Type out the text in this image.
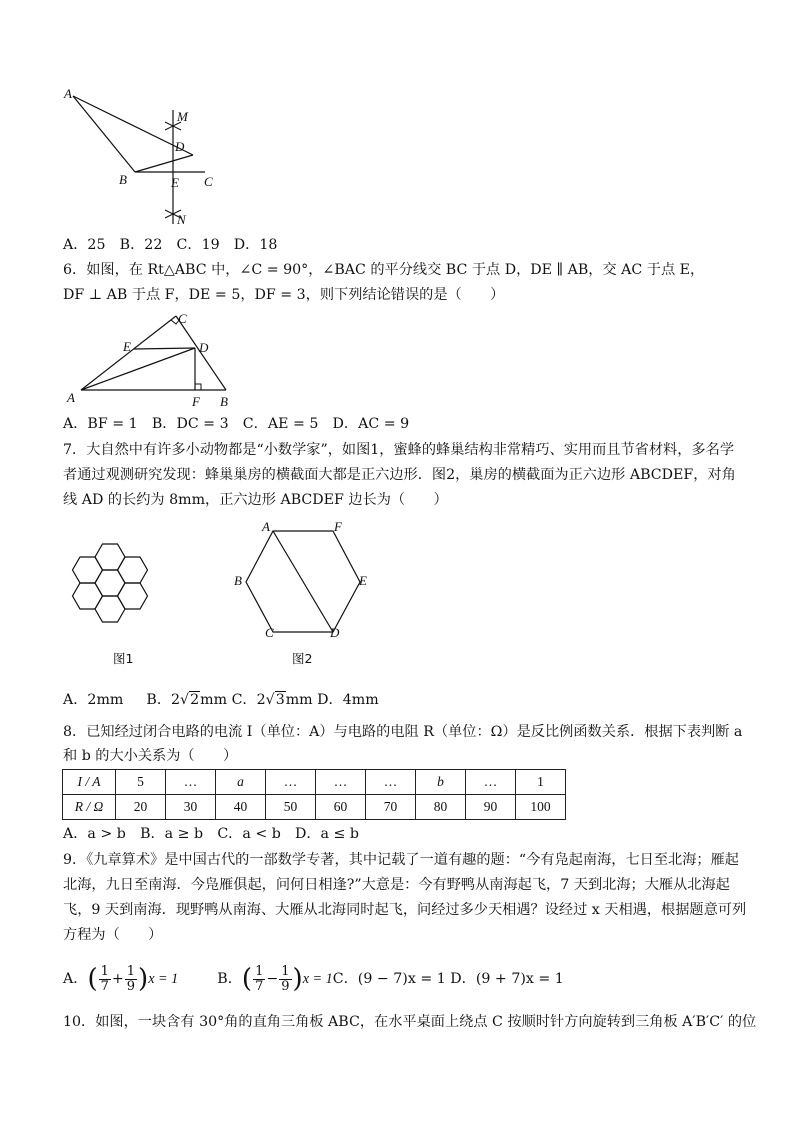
A
M
D
B	E C
N
A．25　B．22　C．19　D．18
6．如图，在 Rt△ABC 中，∠C = 90°，∠BAC 的平分线交 BC 于点 D，DE ∥ AB，交 AC 于点 E，
DF ⊥ AB 于点 F，DE = 5，DF = 3，则下列结论错误的是（　　）
C
E	D
A	F B
A．BF = 1　B．DC = 3　C．AE = 5　D．AC = 9
7．大自然中有许多小动物都是“小数学家”，如图1，蜜蜂的蜂巢结构非常精巧、实用而且节省材料，多名学
者通过观测研究发现：蜂巢巢房的横截面大都是正六边形．图2，巢房的横截面为正六边形 ABCDEF，对角
线 AD 的长约为 8mm，正六边形 ABCDEF 边长为（　　）
图1
A	F
B	E
C	D
图2
A．2mm B．2√2mm C．2√3mm D．4mm
8．已知经过闭合电路的电流 I（单位：A）与电路的电阻 R（单位：Ω）是反比例函数关系．根据下表判断 a
和 b 的大小关系为（　　）
I / A	5	…	a	…	…	…	b	…	1
R / Ω	20	30	40	50	60	70	80	90	100
A．a > b　B．a ≥ b　C．a < b　D．a ≤ b
9．《九章算术》是中国古代的一部数学专著，其中记载了一道有趣的题：“今有凫起南海，七日至北海；雁起
北海，九日至南海．今凫雁俱起，问何日相逢?”大意是：今有野鸭从南海起飞，7 天到北海；大雁从北海起
飞，9 天到南海．现野鸭从南海、大雁从北海同时起飞，问经过多少天相遇？设经过 x 天相遇，根据题意可列
方程为（　　）
A．( $\frac{1}{7} + \frac{1}{9} )x = 1$	B．( $\frac{1}{7} - \frac{1}{9} )x = 1C$．(9 − 7)x = 1 D．(9 + 7)x = 1
10．如图，一块含有 30°角的直角三角板 ABC，在水平桌面上绕点 C 按顺时针方向旋转到三角板 A′B′C′ 的位
